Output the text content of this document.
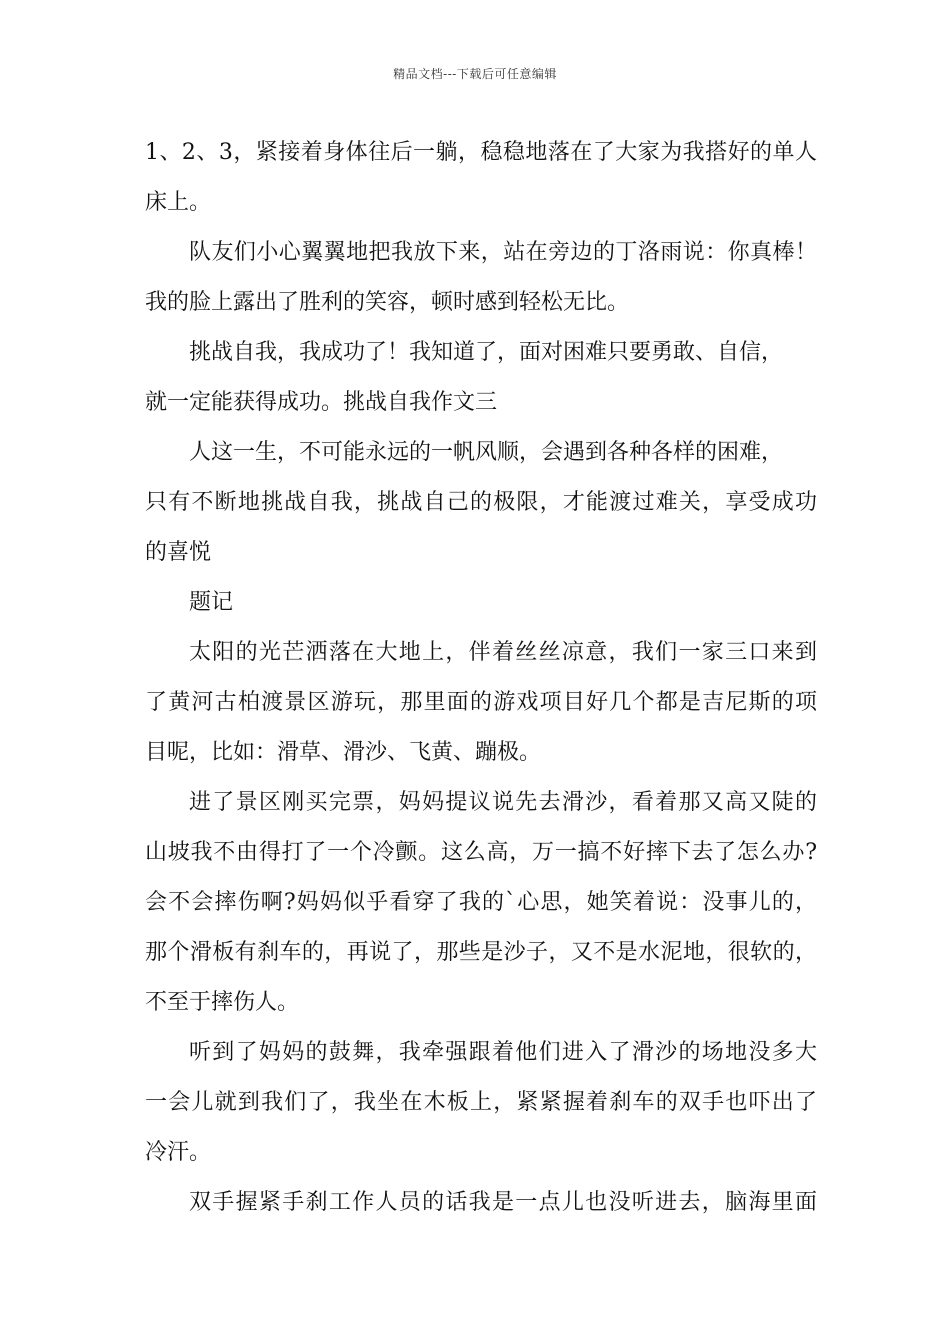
精品文档---下载后可任意编辑
1、2、3，紧接着身体往后一躺，稳稳地落在了大家为我搭好的单人
床上。
队友们小心翼翼地把我放下来，站在旁边的丁洛雨说：你真棒！
我的脸上露出了胜利的笑容，顿时感到轻松无比。
挑战自我，我成功了！我知道了，面对困难只要勇敢、自信，
就一定能获得成功。挑战自我作文三
人这一生，不可能永远的一帆风顺，会遇到各种各样的困难，
只有不断地挑战自我，挑战自己的极限，才能渡过难关，享受成功
的喜悦
题记
太阳的光芒洒落在大地上，伴着丝丝凉意，我们一家三口来到
了黄河古柏渡景区游玩，那里面的游戏项目好几个都是吉尼斯的项
目呢，比如：滑草、滑沙、飞黄、蹦极。
进了景区刚买完票，妈妈提议说先去滑沙，看着那又高又陡的
山坡我不由得打了一个冷颤。这么高，万一搞不好摔下去了怎么办?
会不会摔伤啊?妈妈似乎看穿了我的`心思，她笑着说：没事儿的，
那个滑板有刹车的，再说了，那些是沙子，又不是水泥地，很软的，
不至于摔伤人。
听到了妈妈的鼓舞，我牵强跟着他们进入了滑沙的场地没多大
一会儿就到我们了，我坐在木板上，紧紧握着刹车的双手也吓出了
冷汗。
双手握紧手刹工作人员的话我是一点儿也没听进去，脑海里面
